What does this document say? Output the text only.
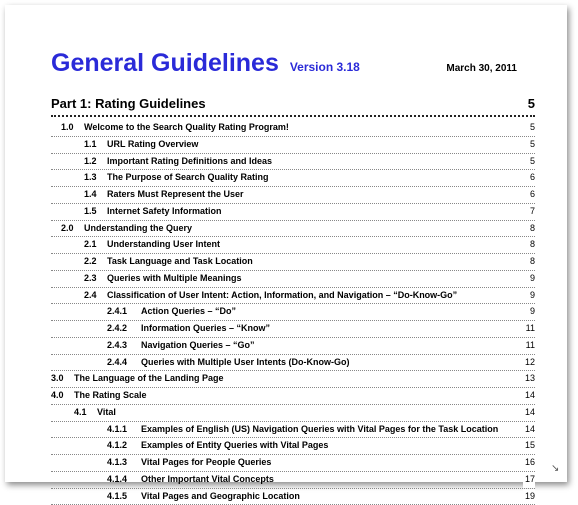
General Guidelines Version 3.18	March 30, 2011
Part 1: Rating Guidelines	5
1.0 Welcome to the Search Quality Rating Program!	5
1.1 URL Rating Overview	5
1.2 Important Rating Definitions and Ideas	5
1.3 The Purpose of Search Quality Rating	6
1.4 Raters Must Represent the User	6
1.5 Internet Safety Information	7
2.0 Understanding the Query	8
2.1 Understanding User Intent	8
2.2 Task Language and Task Location	8
2.3 Queries with Multiple Meanings	9
2.4 Classification of User Intent: Action, Information, and Navigation – “Do-Know-Go”	9
2.4.1 Action Queries – “Do”	9
2.4.2 Information Queries – “Know”	11
2.4.3 Navigation Queries – “Go”	11
2.4.4 Queries with Multiple User Intents (Do-Know-Go)	12
3.0 The Language of the Landing Page	13
4.0 The Rating Scale	14
4.1 Vital	14
4.1.1 Examples of English (US) Navigation Queries with Vital Pages for the Task Location	14
4.1.2 Examples of Entity Queries with Vital Pages	15
4.1.3 Vital Pages for People Queries	16
4.1.4 Other Important Vital Concepts	17
4.1.5 Vital Pages and Geographic Location	19
↘
